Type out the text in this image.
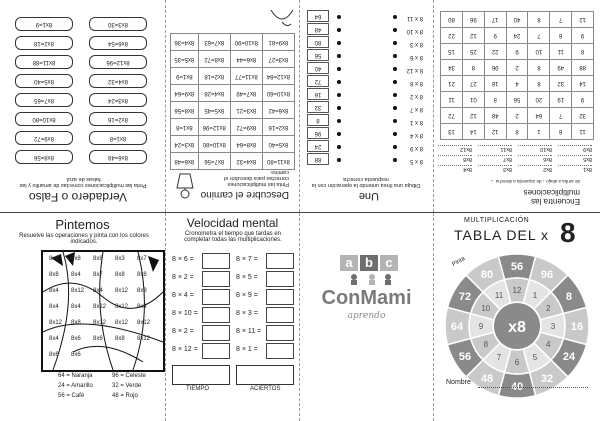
Verdadero o Falso
Pinta las multiplicaciones correctas de amarillo y las falsas de azul.
8x6=48
8x8=56
8x1=8
8x9=72
8x2=16
8x10=80
8x3=24
8x7=65
8x4=32
8x5=40
8x12=96
8x11=88
8x6=54
8x2=18
8x3=30
8x1=9
Descubre el camino
Pinta las multiplicaciones correctas para descubrir el camino.
8x11=80	8x4=32	8x7=56	8x6=48
8x5=40	8x8=64	8x10=80	8x3=24
8x2=16	8x9=72	8x12=96	8x1=8
8x6=42	8x3=21	8x5=45	8x8=56
8x10=60	8x7=49	8x4=28	8x9=64
8x12=84	8x11=77	8x2=18	8x1=9
8x3=27	8x6=44	8x8=72	8x5=35
8x9=81	8x10=90	8x7=63	8x4=36
Une
Dibuja una línea uniendo la operación con la respuesta correcta
8 x 5
8 x 9
8 x 4
8 x 1
8 x 7
8 x 2
8 x 8
8 x 12
8 x 6
8 x 3
8 x 10
8 x 11
88
24
96
8
32
16
72
40
56
80
48
64
Encuentra las multiplicaciones
de arriba a abajo ↓ de izquierda a derecha →
8x1
8x2
8x3
8x4
8x5
8x6
8x7
8x8
8x9
8x10
8x11
8x12
11	8	1	8	12	14	13
32	7	64	2	48	12	72
9	19	20	56	8	01	11
14	32	8	4	16	27	21
88	49	8	2	96	8	34
8	11	10	9	22	25	15
9	8	7	24	9	12	22
12	7	8	40	17	96	80
Pintemos
Resuelve las operaciones y pinta con los colores indicados.
8x8 8x8 8x8 8x3 8x7
8x8 8x4 8x7 8x8 8x8
8x4 8x12 8x4 8x12 8x8
8x4 8x4 8x12 8x12 8x4
8x12 8x8 8x12 8x12 8x12
8x4 8x6 8x6 8x8 8x12
8x6 8x6
64 = Naranja	96 = Celeste
24 = Amarillo	32 = Verde
56 = Café	48 = Rojo
Velocidad mental
Cronometra el tiempo que tardas en completar todas las multiplicaciones.
8 × 6 =
8 × 2 =
8 × 4 =
8 × 10 =
8 × 2 =
8 × 12 =
8 × 7 =
8 × 5 =
8 × 9 =
8 × 3 =
8 × 11 =
8 × 1 =
TIEMPO	ACIERTOS
a b c
ConMami
aprendo
MULTIPLICACIÓN
TABLA DEL x 8
Pinta	56
12
96
1	8
2
16
3
24
4
32
5
40
6
48
7
56
8
64 9
72
10
80
11
x8
Nombre
